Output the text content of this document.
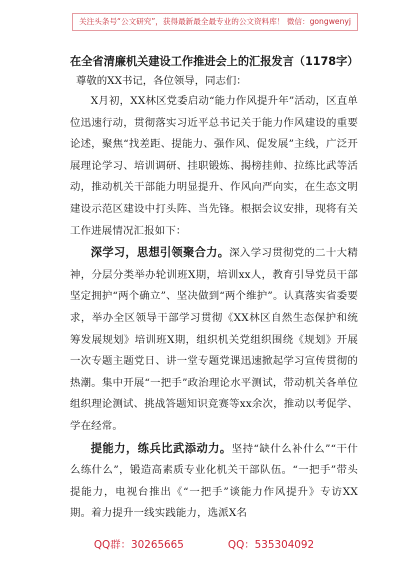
关注头条号“公文研究”，获得最新最全最专业的公文资料库！ 微信：gongwenyj
在全省清廉机关建设工作推进会上的汇报发言（1178字）
尊敬的XX书记，各位领导，同志们：

X月初，XX林区党委启动“能力作风提升年”活动，区直单位迅速行动，贯彻落实习近平总书记关于能力作风建设的重要论述，聚焦“找差距、提能力、强作风、促发展”主线，广泛开展理论学习、培训调研、挂职锻炼、揭榜挂帅、拉练比武等活动，推动机关干部能力明显提升、作风向严向实，在生态文明建设示范区建设中打头阵、当先锋。根据会议安排，现将有关工作进展情况汇报如下：

深学习，思想引领聚合力。深入学习贯彻党的二十大精神，分层分类举办轮训班X期，培训xx人，教育引导党员干部坚定拥护“两个确立”、坚决做到“两个维护”。认真落实省委要求，举办全区领导干部学习贯彻《XX林区自然生态保护和统筹发展规划》培训班X期，组织机关党组织围绕《规划》开展一次专题主题党日、讲一堂专题党课迅速掀起学习宣传贯彻的热潮。集中开展“一把手”政治理论水平测试，带动机关各单位组织理论测试、挑战答题知识竞赛等xx余次，推动以考促学、学在经常。

提能力，练兵比武添动力。坚持“缺什么补什么”“干什么练什么”，锻造高素质专业化机关干部队伍。“一把手”带头提能力，电视台推出《“一把手”谈能力作风提升》专访XX期。着力提升一线实践能力，选派X名

QQ群：30265665	QQ：535304092
